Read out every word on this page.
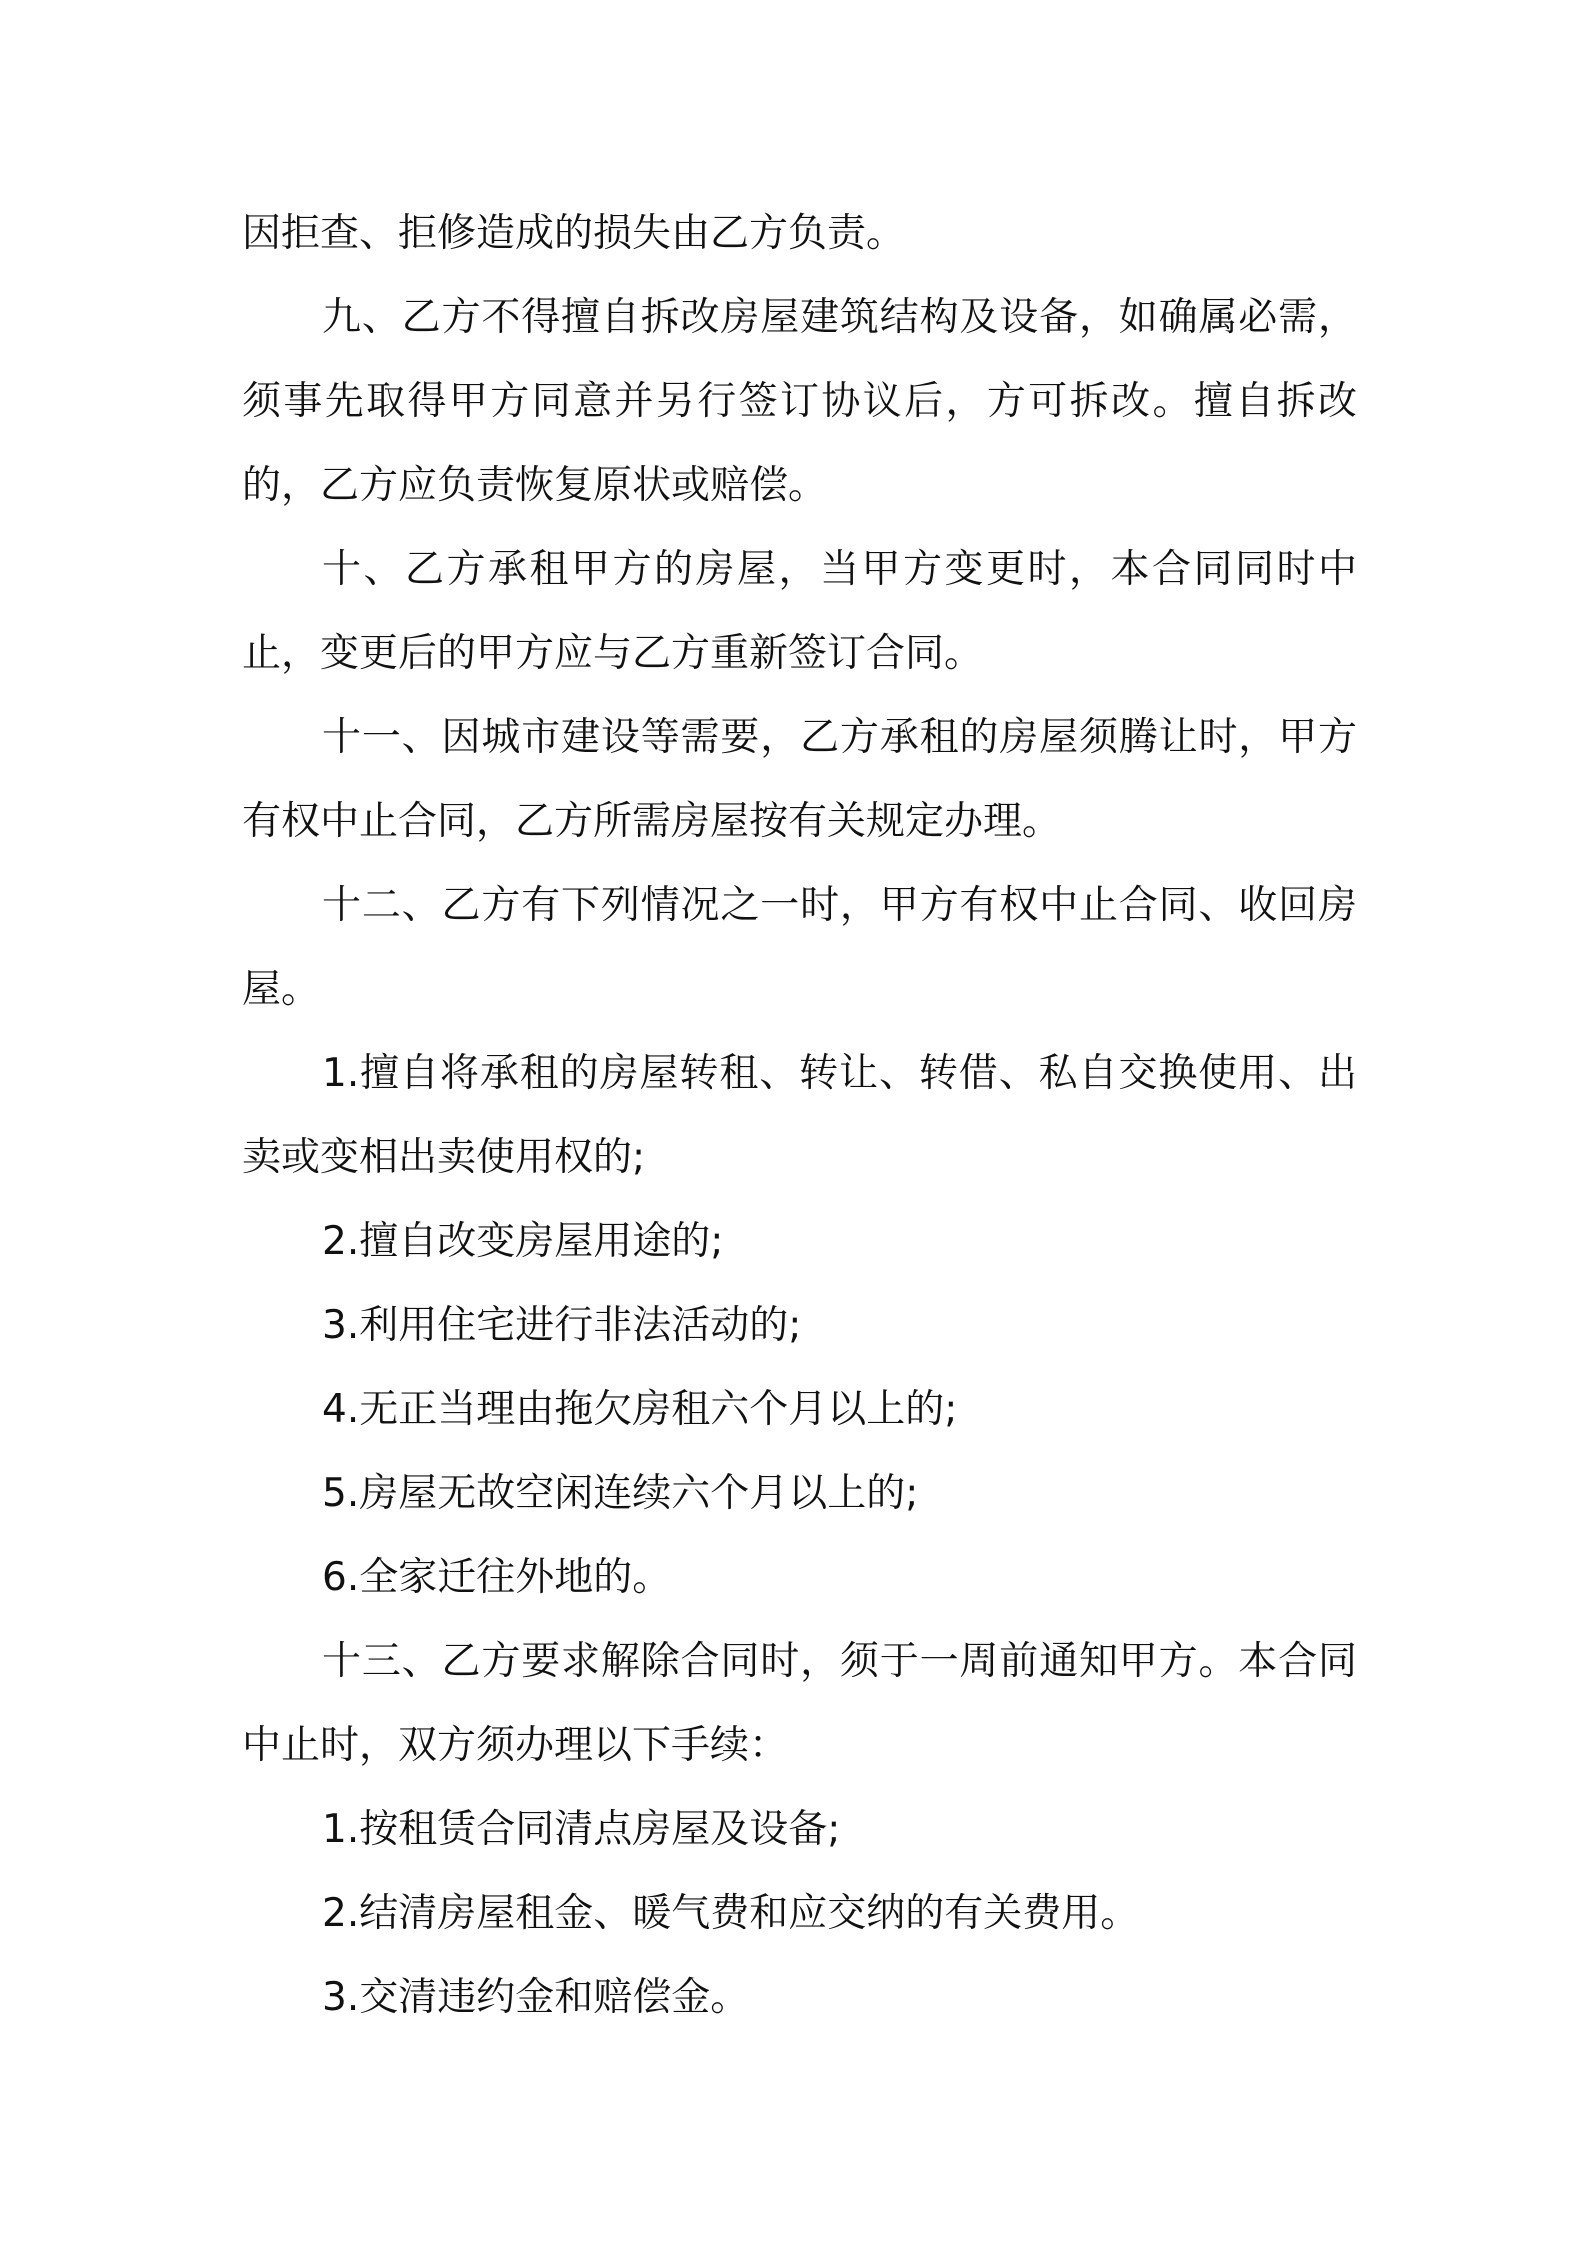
因拒查、拒修造成的损失由乙方负责。

九、乙方不得擅自拆改房屋建筑结构及设备，如确属必需，须事先取得甲方同意并另行签订协议后，方可拆改。擅自拆改的，乙方应负责恢复原状或赔偿。

十、乙方承租甲方的房屋，当甲方变更时，本合同同时中止，变更后的甲方应与乙方重新签订合同。

十一、因城市建设等需要，乙方承租的房屋须腾让时，甲方有权中止合同，乙方所需房屋按有关规定办理。

十二、乙方有下列情况之一时，甲方有权中止合同、收回房屋。

1.擅自将承租的房屋转租、转让、转借、私自交换使用、出卖或变相出卖使用权的;

2.擅自改变房屋用途的;

3.利用住宅进行非法活动的;

4.无正当理由拖欠房租六个月以上的;

5.房屋无故空闲连续六个月以上的;

6.全家迁往外地的。

十三、乙方要求解除合同时，须于一周前通知甲方。本合同中止时，双方须办理以下手续：

1.按租赁合同清点房屋及设备;

2.结清房屋租金、暖气费和应交纳的有关费用。

3.交清违约金和赔偿金。
